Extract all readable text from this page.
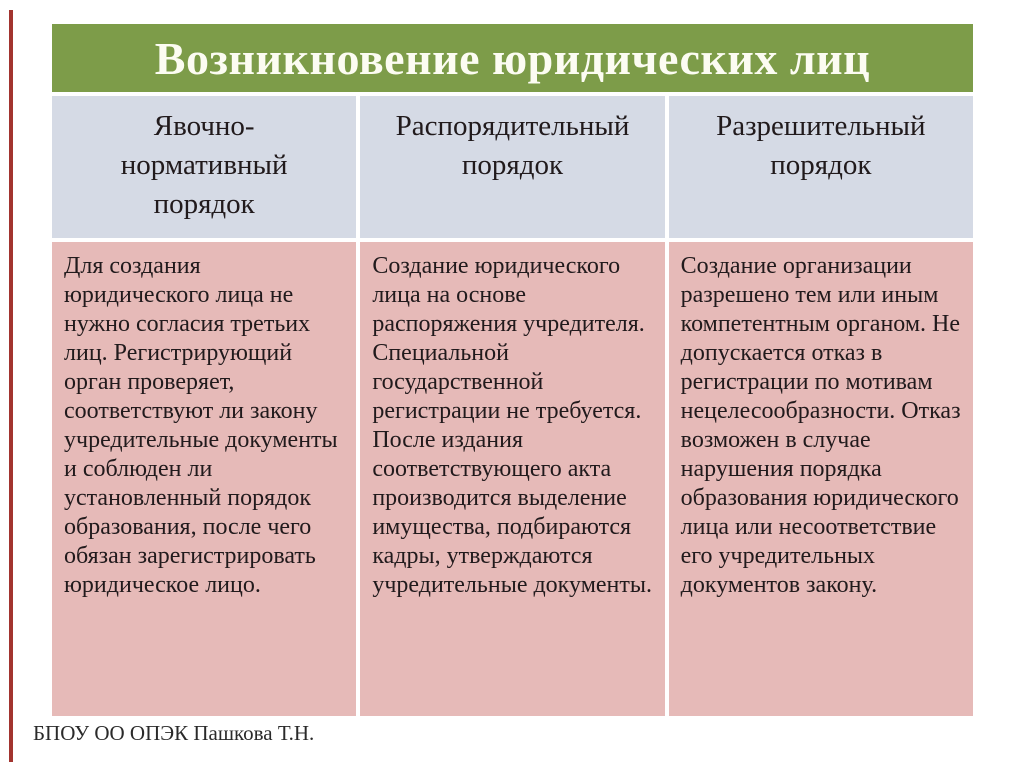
Возникновение юридических лиц
Явочно-нормативный порядок
Распорядительный порядок
Разрешительный порядок
Для создания юридического лица не нужно согласия третьих лиц. Регистрирующий орган проверяет, соответствуют ли закону учредительные документы и соблюден ли установленный порядок образования, после чего обязан зарегистрировать юридическое лицо.
Создание юридического лица на основе распоряжения учредителя. Специальной государственной регистрации не требуется. После издания соответствующего акта производится выделение имущества, подбираются кадры, утверждаются учредительные документы.
Создание организации разрешено тем или иным компетентным органом. Не допускается отказ в регистрации по мотивам нецелесообразности. Отказ возможен в случае нарушения порядка образования юридического лица или несоответствие его учредительных документов закону.
БПОУ ОО ОПЭК Пашкова Т.Н.
